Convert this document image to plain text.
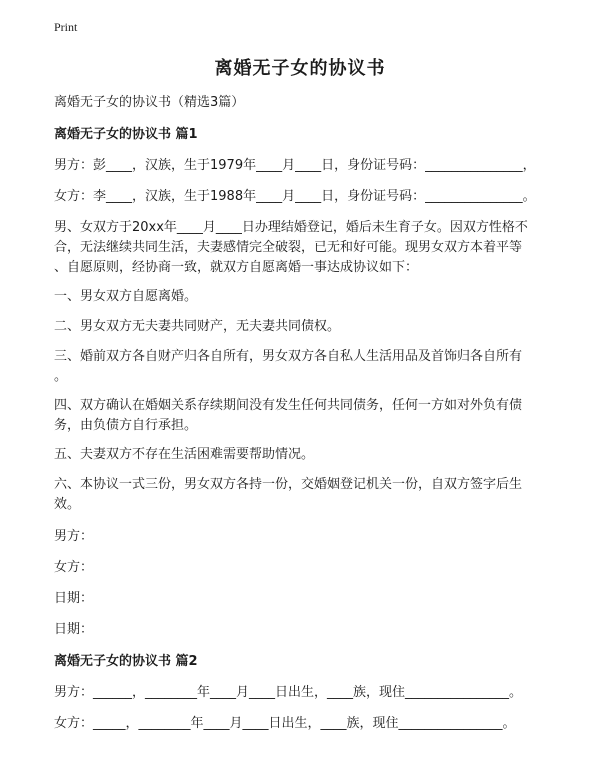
Print
离婚无子女的协议书
离婚无子女的协议书（精选3篇）
离婚无子女的协议书 篇1
男方：彭____，汉族，生于1979年____月____日，身份证号码：_______________，
女方：李____，汉族，生于1988年____月____日，身份证号码：_______________。
男、女双方于20xx年____月____日办理结婚登记，婚后未生育子女。因双方性格不
合，无法继续共同生活，夫妻感情完全破裂，已无和好可能。现男女双方本着平等
、自愿原则，经协商一致，就双方自愿离婚一事达成协议如下：
一、男女双方自愿离婚。
二、男女双方无夫妻共同财产，无夫妻共同债权。
三、婚前双方各自财产归各自所有，男女双方各自私人生活用品及首饰归各自所有
。
四、双方确认在婚姻关系存续期间没有发生任何共同债务，任何一方如对外负有债
务，由负债方自行承担。
五、夫妻双方不存在生活困难需要帮助情况。
六、本协议一式三份，男女双方各持一份，交婚姻登记机关一份，自双方签字后生
效。
男方：
女方：
日期：
日期：
离婚无子女的协议书 篇2
男方：______，________年____月____日出生，____族，现住________________。
女方：_____，________年____月____日出生，____族，现住________________。
